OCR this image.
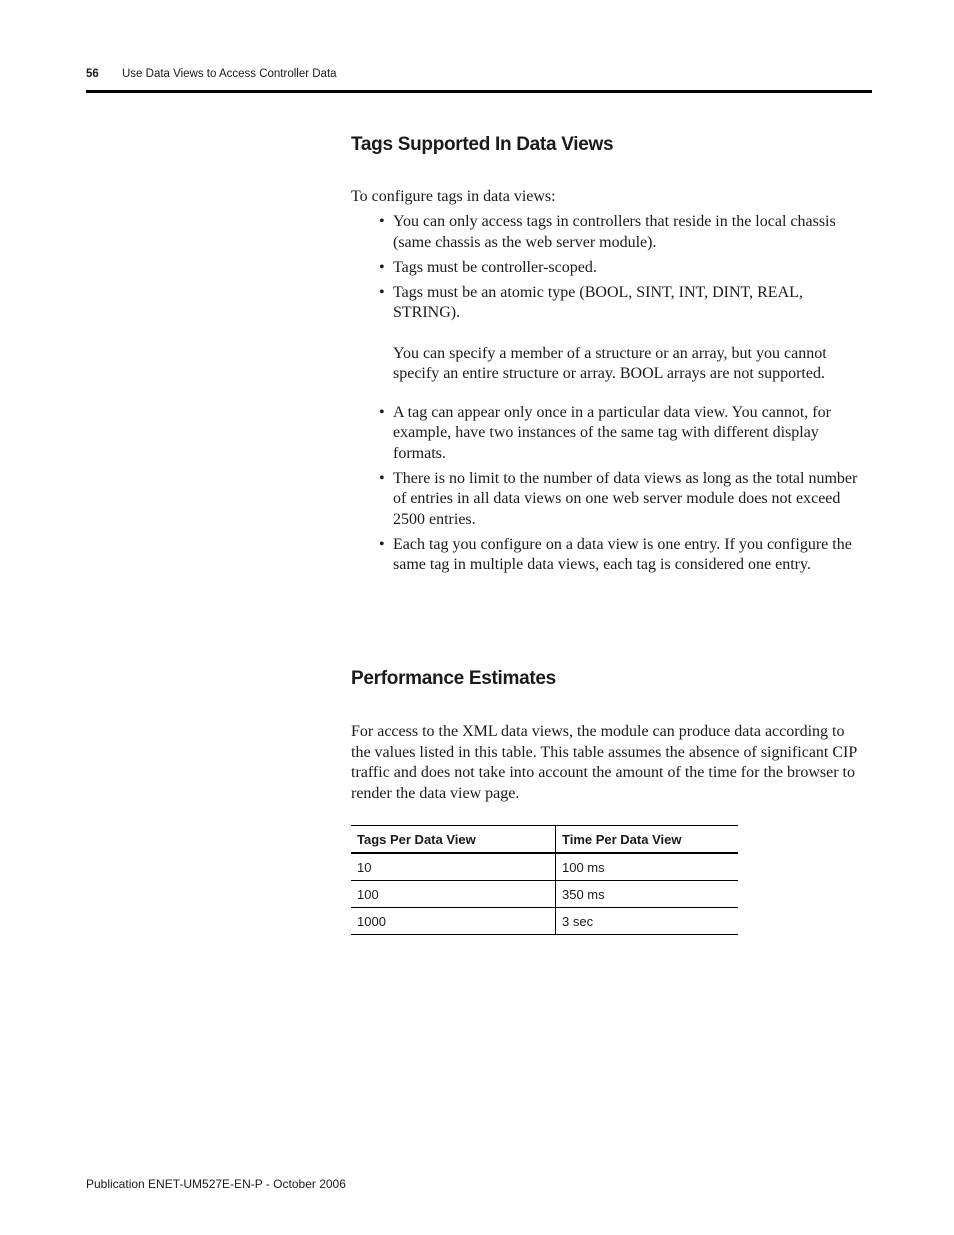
56 Use Data Views to Access Controller Data
Tags Supported In Data Views

To configure tags in data views:

• You can only access tags in controllers that reside in the local chassis (same chassis as the web server module).
• Tags must be controller-scoped.
• Tags must be an atomic type (BOOL, SINT, INT, DINT, REAL, STRING).
You can specify a member of a structure or an array, but you cannot specify an entire structure or array. BOOL arrays are not supported.
• A tag can appear only once in a particular data view. You cannot, for example, have two instances of the same tag with different display formats.
• There is no limit to the number of data views as long as the total number of entries in all data views on one web server module does not exceed 2500 entries.
• Each tag you configure on a data view is one entry. If you configure the same tag in multiple data views, each tag is considered one entry.
Performance Estimates

For access to the XML data views, the module can produce data according to the values listed in this table. This table assumes the absence of significant CIP traffic and does not take into account the amount of the time for the browser to render the data view page.

Tags Per Data View	Time Per Data View
10	100 ms
100	350 ms
1000	3 sec
Publication ENET-UM527E-EN-P - October 2006
